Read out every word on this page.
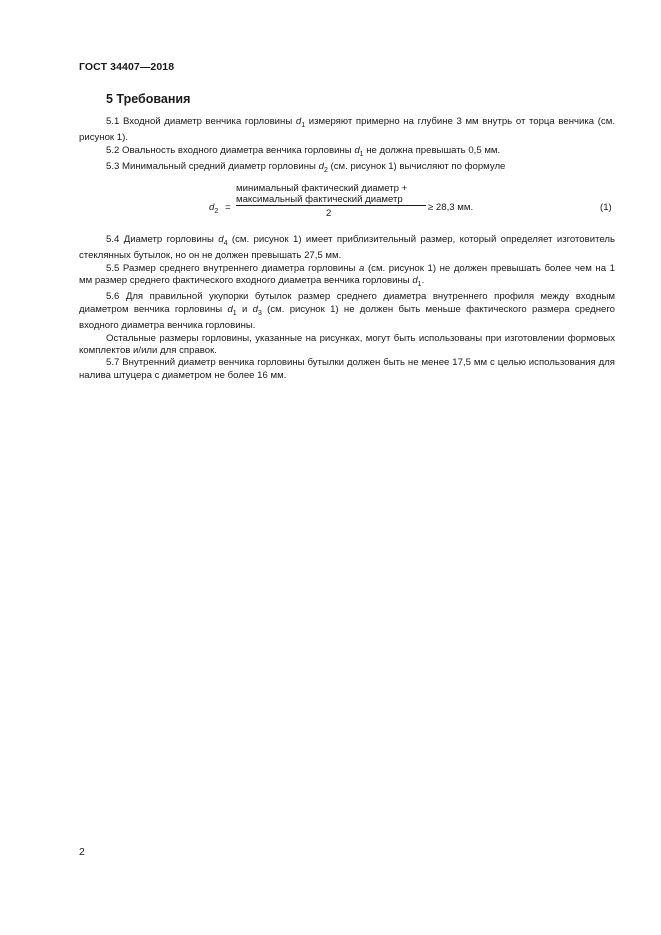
ГОСТ 34407—2018
5 Требования

5.1 Входной диаметр венчика горловины $d_1$ измеряют примерно на глубине 3 мм внутрь от торца венчика (см. рисунок 1).

5.2 Овальность входного диаметра венчика горловины $d_1$ не должна превышать 0,5 мм.

5.3 Минимальный средний диаметр горловины $d_2$ (см. рисунок 1) вычисляют по формуле

$d_2$ =
минимальный фактический диаметр +
максимальный фактический диаметр
2
≥ 28,3 мм.	(1)

5.4 Диаметр горловины $d_4$ (см. рисунок 1) имеет приблизительный размер, который определяет изготовитель стеклянных бутылок, но он не должен превышать 27,5 мм.

5.5 Размер среднего внутреннего диаметра горловины a (см. рисунок 1) не должен превышать более чем на 1 мм размер среднего фактического входного диаметра венчика горловины $d_1$.

5.6 Для правильной укупорки бутылок размер среднего диаметра внутреннего профиля между входным диаметром венчика горловины $d_1$ и $d_3$ (см. рисунок 1) не должен быть меньше фактического размера среднего входного диаметра венчика горловины.

Остальные размеры горловины, указанные на рисунках, могут быть использованы при изготовлении формовых комплектов и/или для справок.

5.7 Внутренний диаметр венчика горловины бутылки должен быть не менее 17,5 мм с целью использования для налива штуцера с диаметром не более 16 мм.

2
